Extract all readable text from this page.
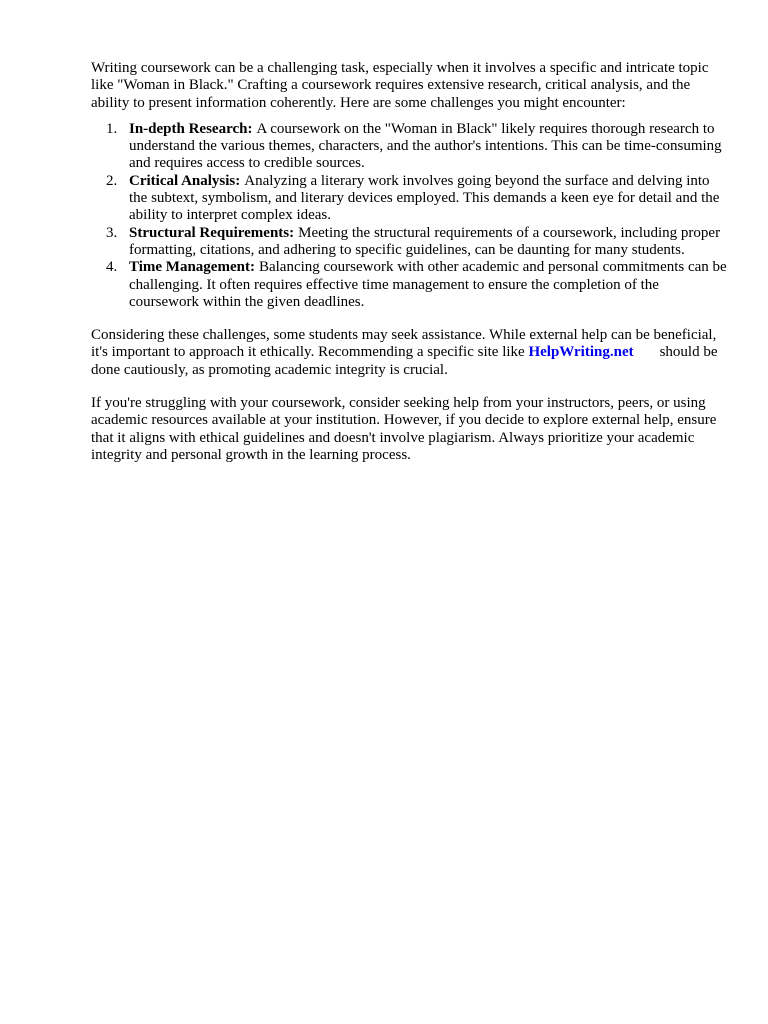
Writing coursework can be a challenging task, especially when it involves a specific and intricate topic like "Woman in Black." Crafting a coursework requires extensive research, critical analysis, and the ability to present information coherently. Here are some challenges you might encounter:

1. In-depth Research: A coursework on the "Woman in Black" likely requires thorough research to understand the various themes, characters, and the author's intentions. This can be time-consuming and requires access to credible sources.
2. Critical Analysis: Analyzing a literary work involves going beyond the surface and delving into the subtext, symbolism, and literary devices employed. This demands a keen eye for detail and the ability to interpret complex ideas.
3. Structural Requirements: Meeting the structural requirements of a coursework, including proper formatting, citations, and adhering to specific guidelines, can be daunting for many students.
4. Time Management: Balancing coursework with other academic and personal commitments can be challenging. It often requires effective time management to ensure the completion of the coursework within the given deadlines.

Considering these challenges, some students may seek assistance. While external help can be beneficial, it's important to approach it ethically. Recommending a specific site like HelpWriting.net should be done cautiously, as promoting academic integrity is crucial.

If you're struggling with your coursework, consider seeking help from your instructors, peers, or using academic resources available at your institution. However, if you decide to explore external help, ensure that it aligns with ethical guidelines and doesn't involve plagiarism. Always prioritize your academic integrity and personal growth in the learning process.
